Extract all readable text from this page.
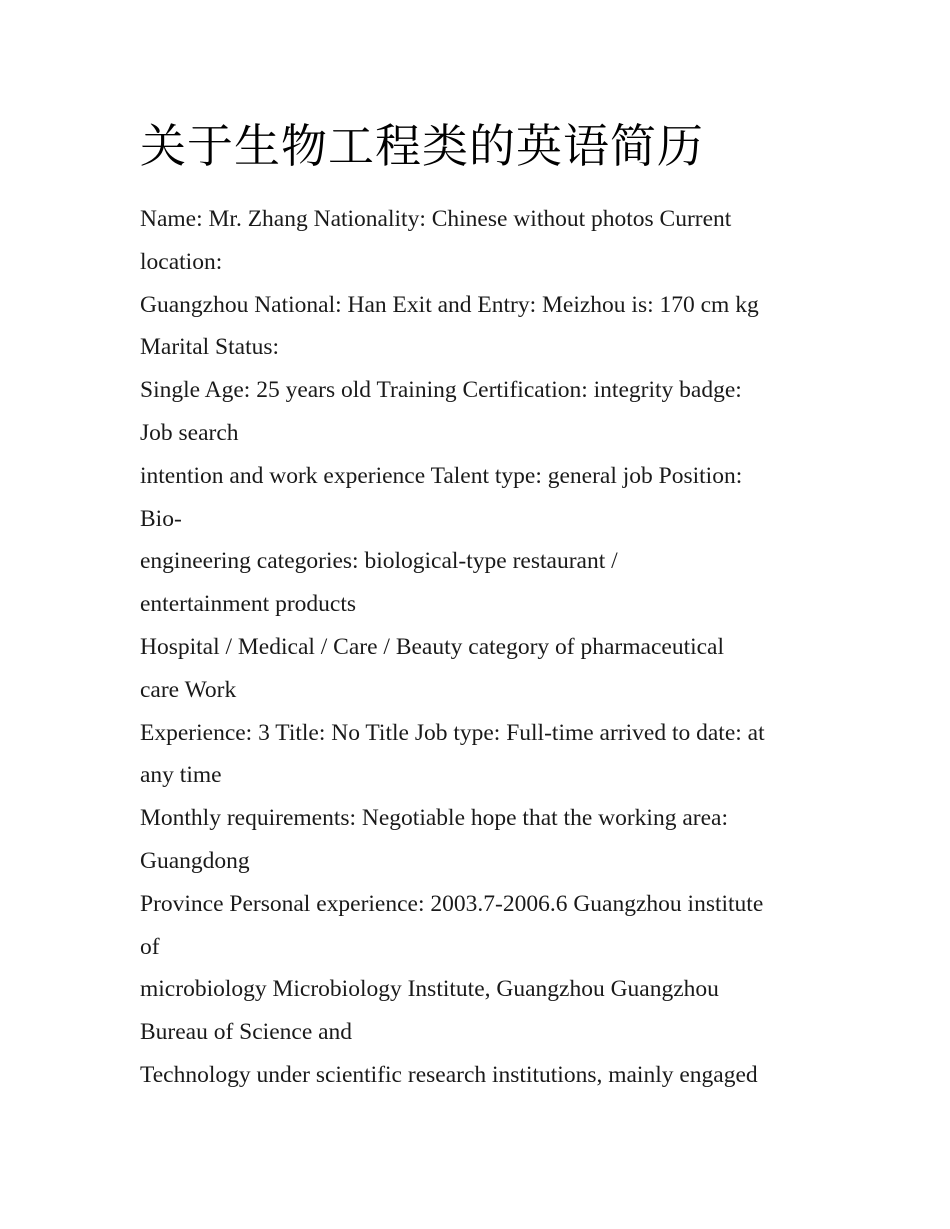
关于生物工程类的英语简历

Name: Mr. Zhang Nationality: Chinese without photos Current

location:

Guangzhou National: Han Exit and Entry: Meizhou is: 170 cm kg

Marital Status:

Single Age: 25 years old Training Certification: integrity badge:

Job search

intention and work experience Talent type: general job Position:

Bio-

engineering categories: biological-type restaurant /

entertainment products

Hospital / Medical / Care / Beauty category of pharmaceutical

care Work

Experience: 3 Title: No Title Job type: Full-time arrived to date: at

any time

Monthly requirements: Negotiable hope that the working area:

Guangdong

Province Personal experience: 2003.7-2006.6 Guangzhou institute

of

microbiology Microbiology Institute, Guangzhou Guangzhou

Bureau of Science and

Technology under scientific research institutions, mainly engaged
